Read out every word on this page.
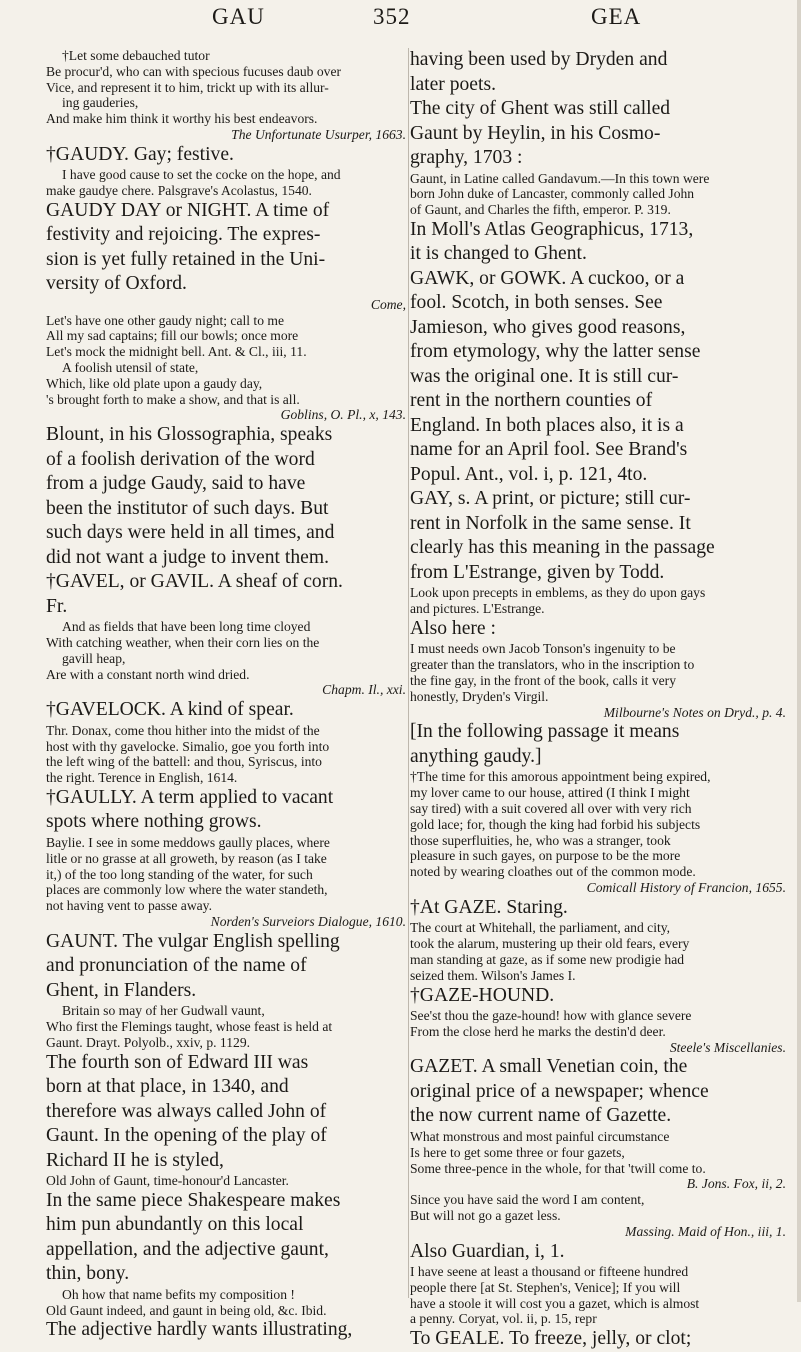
GAU	352	GEA

†Let some debauched tutor

Be procur'd, who can with specious fucuses daub over

Vice, and represent it to him, trickt up with its allur-

ing gauderies,

And make him think it worthy his best endeavors.

The Unfortunate Usurper, 1663.

†GAUDY. Gay; festive.

I have good cause to set the cocke on the hope, and

make gaudye chere. Palsgrave's Acolastus, 1540.

GAUDY DAY or NIGHT. A time of

festivity and rejoicing. The expres-

sion is yet fully retained in the Uni-

versity of Oxford.

Come,

Let's have one other gaudy night; call to me

All my sad captains; fill our bowls; once more

Let's mock the midnight bell. Ant. & Cl., iii, 11.

A foolish utensil of state,

Which, like old plate upon a gaudy day,

's brought forth to make a show, and that is all.

Goblins, O. Pl., x, 143.

Blount, in his Glossographia, speaks

of a foolish derivation of the word

from a judge Gaudy, said to have

been the institutor of such days. But

such days were held in all times, and

did not want a judge to invent them.

†GAVEL, or GAVIL. A sheaf of corn.

Fr.

And as fields that have been long time cloyed

With catching weather, when their corn lies on the

gavill heap,

Are with a constant north wind dried.

Chapm. Il., xxi.

†GAVELOCK. A kind of spear.

Thr. Donax, come thou hither into the midst of the

host with thy gavelocke. Simalio, goe you forth into

the left wing of the battell: and thou, Syriscus, into

the right. Terence in English, 1614.

†GAULLY. A term applied to vacant

spots where nothing grows.

Baylie. I see in some meddows gaully places, where

litle or no grasse at all groweth, by reason (as I take

it,) of the too long standing of the water, for such

places are commonly low where the water standeth,

not having vent to passe away.

Norden's Surveiors Dialogue, 1610.

GAUNT. The vulgar English spelling

and pronunciation of the name of

Ghent, in Flanders.

Britain so may of her Gudwall vaunt,

Who first the Flemings taught, whose feast is held at

Gaunt. Drayt. Polyolb., xxiv, p. 1129.

The fourth son of Edward III was

born at that place, in 1340, and

therefore was always called John of

Gaunt. In the opening of the play of

Richard II he is styled,

Old John of Gaunt, time-honour'd Lancaster.

In the same piece Shakespeare makes

him pun abundantly on this local

appellation, and the adjective gaunt,

thin, bony.

Oh how that name befits my composition !

Old Gaunt indeed, and gaunt in being old, &c. Ibid.

The adjective hardly wants illustrating,

having been used by Dryden and

later poets.

The city of Ghent was still called

Gaunt by Heylin, in his Cosmo-

graphy, 1703 :

Gaunt, in Latine called Gandavum.—In this town were

born John duke of Lancaster, commonly called John

of Gaunt, and Charles the fifth, emperor. P. 319.

In Moll's Atlas Geographicus, 1713,

it is changed to Ghent.

GAWK, or GOWK. A cuckoo, or a

fool. Scotch, in both senses. See

Jamieson, who gives good reasons,

from etymology, why the latter sense

was the original one. It is still cur-

rent in the northern counties of

England. In both places also, it is a

name for an April fool. See Brand's

Popul. Ant., vol. i, p. 121, 4to.

GAY, s. A print, or picture; still cur-

rent in Norfolk in the same sense. It

clearly has this meaning in the passage

from L'Estrange, given by Todd.

Look upon precepts in emblems, as they do upon gays

and pictures. L'Estrange.

Also here :

I must needs own Jacob Tonson's ingenuity to be

greater than the translators, who in the inscription to

the fine gay, in the front of the book, calls it very

honestly, Dryden's Virgil.

Milbourne's Notes on Dryd., p. 4.

[In the following passage it means

anything gaudy.]

†The time for this amorous appointment being expired,

my lover came to our house, attired (I think I might

say tired) with a suit covered all over with very rich

gold lace; for, though the king had forbid his subjects

those superfluities, he, who was a stranger, took

pleasure in such gayes, on purpose to be the more

noted by wearing cloathes out of the common mode.

Comicall History of Francion, 1655.

†At GAZE. Staring.

The court at Whitehall, the parliament, and city,

took the alarum, mustering up their old fears, every

man standing at gaze, as if some new prodigie had

seized them. Wilson's James I.

†GAZE-HOUND.

See'st thou the gaze-hound! how with glance severe

From the close herd he marks the destin'd deer.

Steele's Miscellanies.

GAZET. A small Venetian coin, the

original price of a newspaper; whence

the now current name of Gazette.

What monstrous and most painful circumstance

Is here to get some three or four gazets,

Some three-pence in the whole, for that 'twill come to.

B. Jons. Fox, ii, 2.

Since you have said the word I am content,

But will not go a gazet less.

Massing. Maid of Hon., iii, 1.

Also Guardian, i, 1.

I have seene at least a thousand or fifteene hundred

people there [at St. Stephen's, Venice]; If you will

have a stoole it will cost you a gazet, which is almost

a penny. Coryat, vol. ii, p. 15, repr

To GEALE. To freeze, jelly, or clot;
